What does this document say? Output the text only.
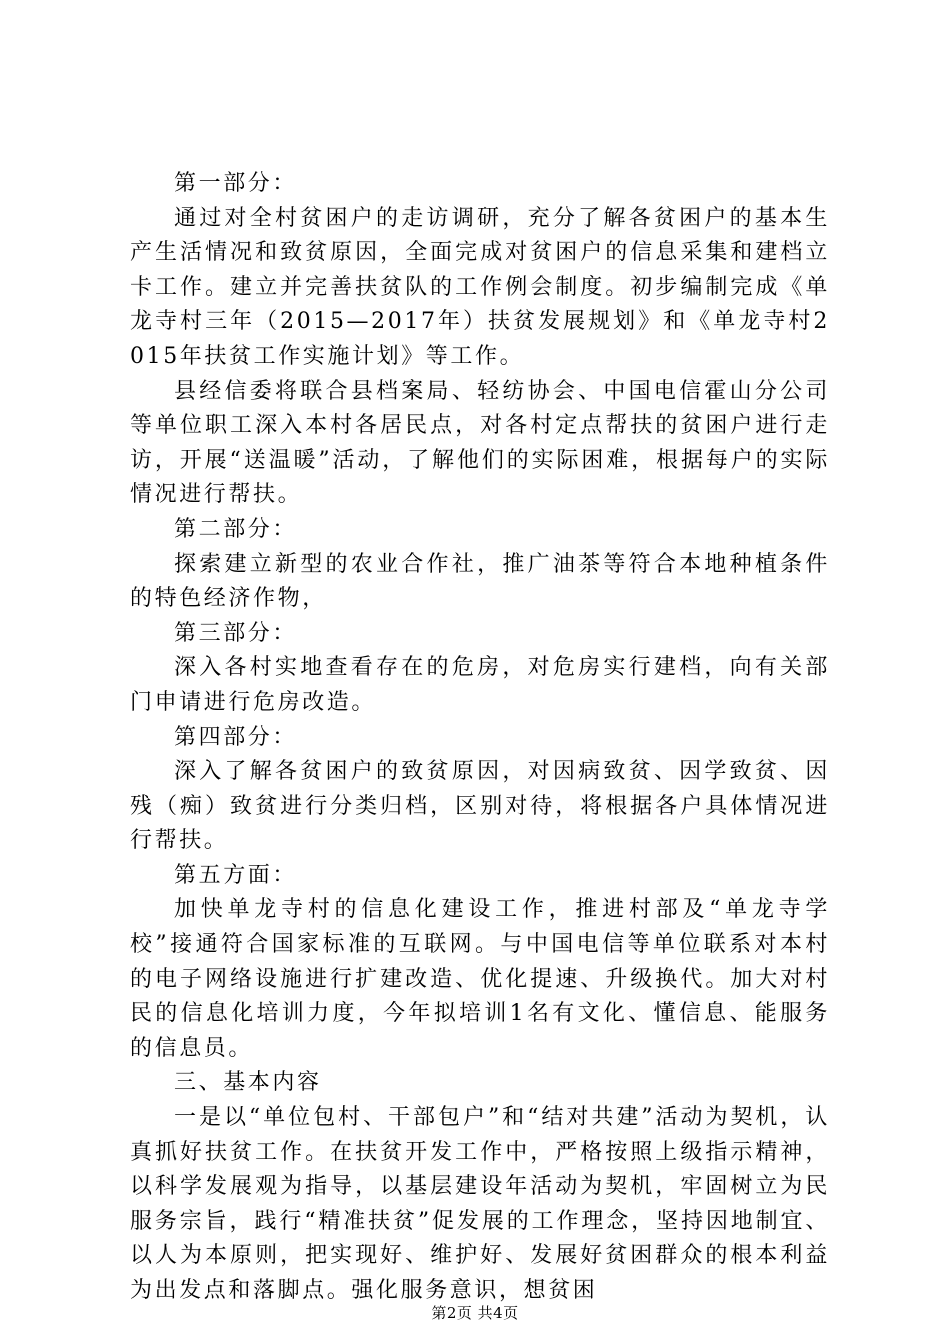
第一部分：

通过对全村贫困户的走访调研，充分了解各贫困户的基本生产生活情况和致贫原因，全面完成对贫困户的信息采集和建档立卡工作。建立并完善扶贫队的工作例会制度。初步编制完成《单龙寺村三年（2015—2017年）扶贫发展规划》和《单龙寺村2015年扶贫工作实施计划》等工作。

县经信委将联合县档案局、轻纺协会、中国电信霍山分公司等单位职工深入本村各居民点，对各村定点帮扶的贫困户进行走访，开展“送温暖”活动，了解他们的实际困难，根据每户的实际情况进行帮扶。

第二部分：

探索建立新型的农业合作社，推广油茶等符合本地种植条件的特色经济作物，

第三部分：

深入各村实地查看存在的危房，对危房实行建档，向有关部门申请进行危房改造。

第四部分：

深入了解各贫困户的致贫原因，对因病致贫、因学致贫、因残（痴）致贫进行分类归档，区别对待，将根据各户具体情况进行帮扶。

第五方面：

加快单龙寺村的信息化建设工作，推进村部及“单龙寺学校”接通符合国家标准的互联网。与中国电信等单位联系对本村的电子网络设施进行扩建改造、优化提速、升级换代。加大对村民的信息化培训力度，今年拟培训1名有文化、懂信息、能服务的信息员。

三、基本内容

一是以“单位包村、干部包户”和“结对共建”活动为契机，认真抓好扶贫工作。在扶贫开发工作中，严格按照上级指示精神，以科学发展观为指导，以基层建设年活动为契机，牢固树立为民服务宗旨，践行“精准扶贫”促发展的工作理念，坚持因地制宜、以人为本原则，把实现好、维护好、发展好贫困群众的根本利益为出发点和落脚点。强化服务意识，想贫困

第2页 共4页
